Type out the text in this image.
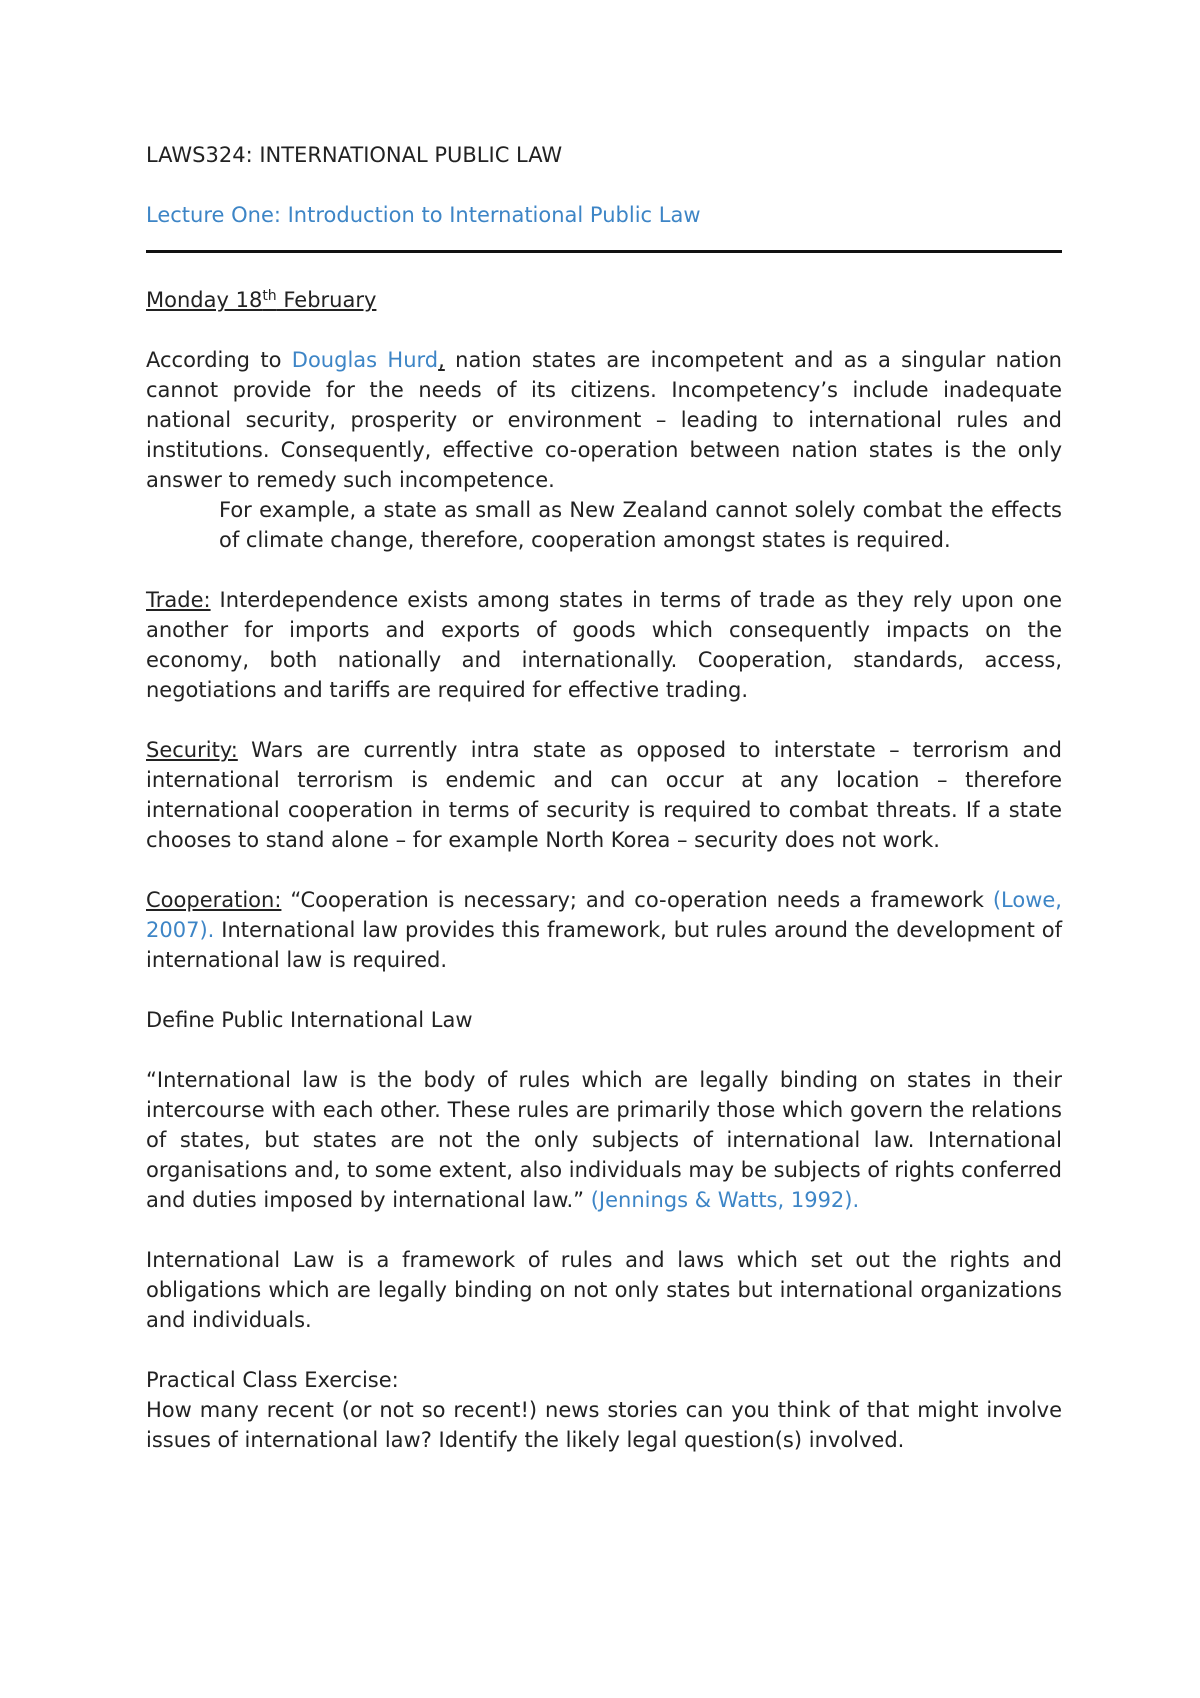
LAWS324: INTERNATIONAL PUBLIC LAW
Lecture One: Introduction to International Public Law

Monday 18th February

According to Douglas Hurd, nation states are incompetent and as a singular nation cannot provide for the needs of its citizens. Incompetency’s include inadequate national security, prosperity or environment – leading to international rules and institutions. Consequently, effective co-operation between nation states is the only answer to remedy such incompetence.

For example, a state as small as New Zealand cannot solely combat the effects of climate change, therefore, cooperation amongst states is required.

Trade: Interdependence exists among states in terms of trade as they rely upon one another for imports and exports of goods which consequently impacts on the economy, both nationally and internationally. Cooperation, standards, access, negotiations and tariffs are required for effective trading.

Security: Wars are currently intra state as opposed to interstate – terrorism and international terrorism is endemic and can occur at any location – therefore international cooperation in terms of security is required to combat threats. If a state chooses to stand alone – for example North Korea – security does not work.

Cooperation: “Cooperation is necessary; and co-operation needs a framework (Lowe, 2007). International law provides this framework, but rules around the development of international law is required.

Define Public International Law

“International law is the body of rules which are legally binding on states in their intercourse with each other. These rules are primarily those which govern the relations of states, but states are not the only subjects of international law. International organisations and, to some extent, also individuals may be subjects of rights conferred and duties imposed by international law.” (Jennings & Watts, 1992).

International Law is a framework of rules and laws which set out the rights and obligations which are legally binding on not only states but international organizations and individuals.

Practical Class Exercise:

How many recent (or not so recent!) news stories can you think of that might involve issues of international law? Identify the likely legal question(s) involved.
